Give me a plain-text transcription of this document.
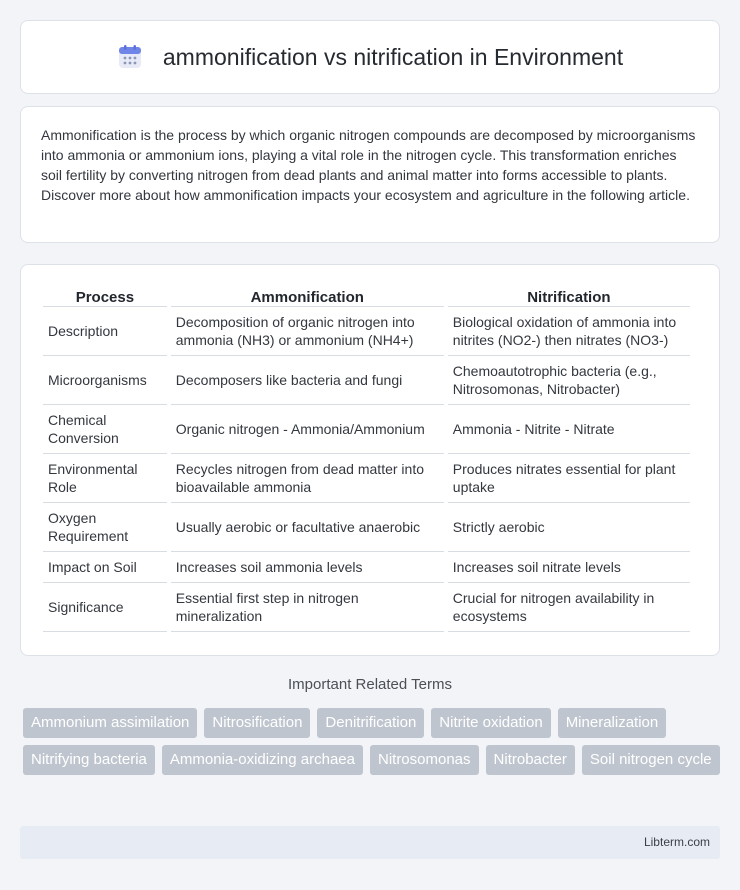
ammonification vs nitrification in Environment

Ammonification is the process by which organic nitrogen compounds are decomposed by microorganisms into ammonia or ammonium ions, playing a vital role in the nitrogen cycle. This transformation enriches soil fertility by converting nitrogen from dead plants and animal matter into forms accessible to plants. Discover more about how ammonification impacts your ecosystem and agriculture in the following article.

Process	Ammonification	Nitrification
Description	Decomposition of organic nitrogen into ammonia (NH3) or ammonium (NH4+)	Biological oxidation of ammonia into nitrites (NO2-) then nitrates (NO3-)
Microorganisms	Decomposers like bacteria and fungi	Chemoautotrophic bacteria (e.g., Nitrosomonas, Nitrobacter)
Chemical Conversion	Organic nitrogen - Ammonia/Ammonium	Ammonia - Nitrite - Nitrate
Environmental Role	Recycles nitrogen from dead matter into bioavailable ammonia	Produces nitrates essential for plant uptake
Oxygen Requirement	Usually aerobic or facultative anaerobic	Strictly aerobic
Impact on Soil	Increases soil ammonia levels	Increases soil nitrate levels
Significance	Essential first step in nitrogen mineralization	Crucial for nitrogen availability in ecosystems
Important Related Terms
Ammonium assimilation	Nitrosification	Denitrification	Nitrite oxidation	Mineralization
Nitrifying bacteria	Ammonia-oxidizing archaea	Nitrosomonas	Nitrobacter	Soil nitrogen cycle
Libterm.com
